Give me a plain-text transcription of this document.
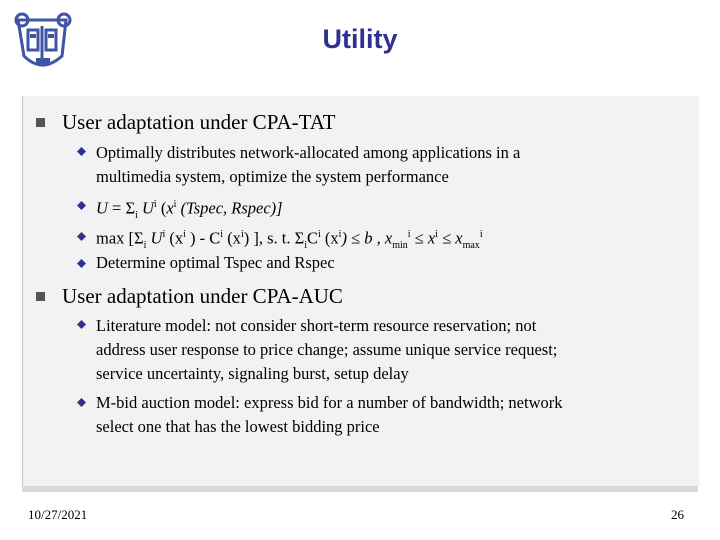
Utility
User adaptation under CPA-TAT
Optimally distributes network-allocated among applications in a
multimedia system, optimize the system performance
$U = \Sigma_i$ $U^i$ ($x^i$ (Tspec, Rspec)]
$\max [\Sigma_i$ $U^i$ ($x^i$ ) - $C^i$ $(x^i)$ ], s. t. $\Sigma_iC^i$ $(x^i) \le b$ , $x_{min}^i \le x^i \le x_{max}^i$
Determine optimal Tspec and Rspec
User adaptation under CPA-AUC
Literature model: not consider short-term resource reservation; not
address user response to price change; assume unique service request;
service uncertainty, signaling burst, setup delay
M-bid auction model: express bid for a number of bandwidth; network
select one that has the lowest bidding price
10/27/2021	26
